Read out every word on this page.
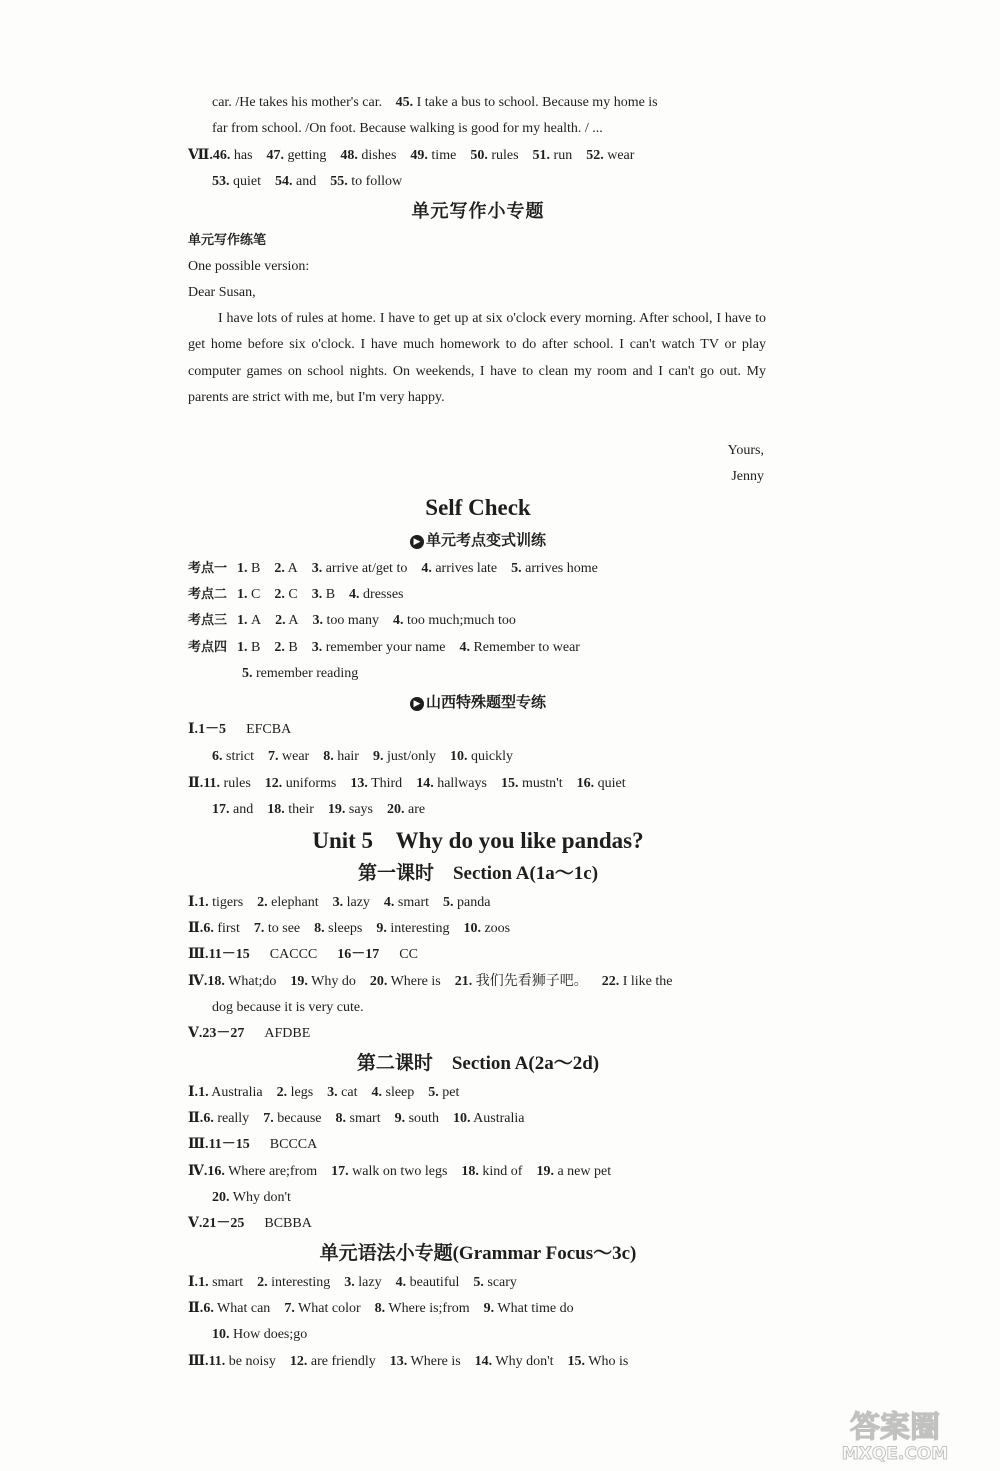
car. /He takes his mother's car. 45. I take a bus to school. Because my home is
far from school. /On foot. Because walking is good for my health. / ...
Ⅶ.46. has 47. getting 48. dishes 49. time 50. rules 51. run 52. wear
53. quiet 54. and 55. to follow
单元写作小专题
单元写作练笔
One possible version:
Dear Susan,
I have lots of rules at home. I have to get up at six o'clock every morning. After school, I have to get home before six o'clock. I have much homework to do after school. I can't watch TV or play computer games on school nights. On weekends, I have to clean my room and I can't go out. My parents are strict with me, but I'm very happy.
Yours,
Jenny
Self Check
▶ 单元考点变式训练
考点一 1. B 2. A 3. arrive at/get to 4. arrives late 5. arrives home
考点二 1. C 2. C 3. B 4. dresses
考点三 1. A 2. A 3. too many 4. too much;much too
考点四 1. B 2. B 3. remember your name 4. Remember to wear
5. remember reading
▶ 山西特殊题型专练
Ⅰ.1－5 EFCBA
6. strict 7. wear 8. hair 9. just/only 10. quickly
Ⅱ.11. rules 12. uniforms 13. Third 14. hallways 15. mustn't 16. quiet
17. and 18. their 19. says 20. are
Unit 5    Why do you like pandas?
第一课时    Section A(1a～1c)
Ⅰ.1. tigers 2. elephant 3. lazy 4. smart 5. panda
Ⅱ.6. first 7. to see 8. sleeps 9. interesting 10. zoos
Ⅲ.11－15 CACCC 16－17 CC
Ⅳ.18. What;do 19. Why do 20. Where is 21. 我们先看狮子吧。 22. I like the
dog because it is very cute.
Ⅴ.23－27 AFDBE
第二课时    Section A(2a～2d)
Ⅰ.1. Australia 2. legs 3. cat 4. sleep 5. pet
Ⅱ.6. really 7. because 8. smart 9. south 10. Australia
Ⅲ.11－15 BCCCA
Ⅳ.16. Where are;from 17. walk on two legs 18. kind of 19. a new pet
20. Why don't
Ⅴ.21－25 BCBBA
单元语法小专题(Grammar Focus～3c)
Ⅰ.1. smart 2. interesting 3. lazy 4. beautiful 5. scary
Ⅱ.6. What can 7. What color 8. Where is;from 9. What time do
10. How does;go
Ⅲ.11. be noisy 12. are friendly 13. Where is 14. Why don't 15. Who is
答案圈
MXQE.COM
